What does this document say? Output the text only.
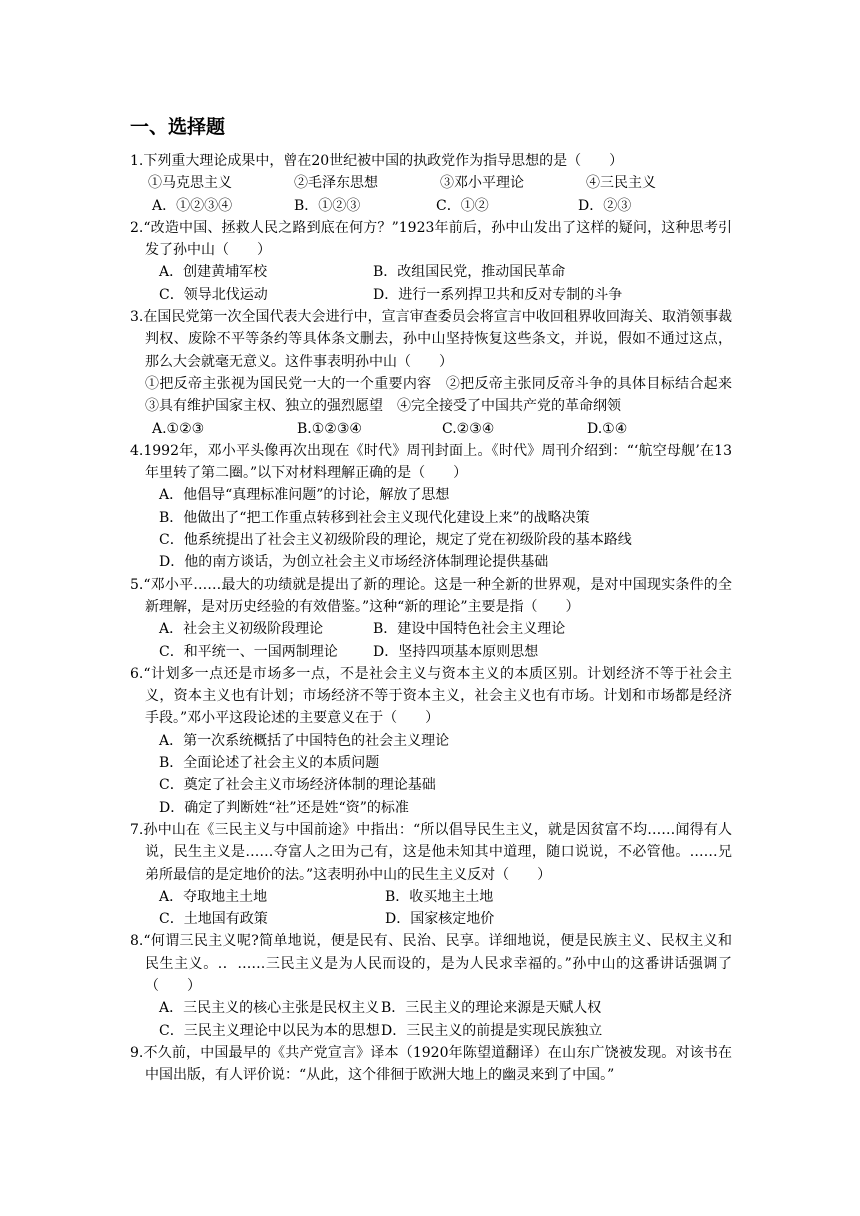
一、选择题
1.下列重大理论成果中，曾在20世纪被中国的执政党作为指导思想的是（　　）
①马克思主义	②毛泽东思想	③邓小平理论	④三民主义
A．①②③④	B．①②③	C．①②	D．②③
2.“改造中国、拯救人民之路到底在何方？”1923年前后，孙中山发出了这样的疑问，这种思考引发了孙中山（　　）
A．创建黄埔军校	B．改组国民党，推动国民革命
C．领导北伐运动	D．进行一系列捍卫共和反对专制的斗争
3.在国民党第一次全国代表大会进行中，宣言审查委员会将宣言中收回租界收回海关、取消领事裁判权、废除不平等条约等具体条文删去，孙中山坚持恢复这些条文，并说，假如不通过这点，那么大会就毫无意义。这件事表明孙中山（　　）
①把反帝主张视为国民党一大的一个重要内容　②把反帝主张同反帝斗争的具体目标结合起来　③具有维护国家主权、独立的强烈愿望　④完全接受了中国共产党的革命纲领
A.①②③	B.①②③④	C.②③④	D.①④
4.1992年，邓小平头像再次出现在《时代》周刊封面上。《时代》周刊介绍到：“‘航空母舰’在13年里转了第二圈。”以下对材料理解正确的是（　　）
A．他倡导“真理标准问题”的讨论，解放了思想
B．他做出了“把工作重点转移到社会主义现代化建设上来”的战略决策
C．他系统提出了社会主义初级阶段的理论，规定了党在初级阶段的基本路线
D．他的南方谈话，为创立社会主义市场经济体制理论提供基础
5.“邓小平……最大的功绩就是提出了新的理论。这是一种全新的世界观，是对中国现实条件的全新理解，是对历史经验的有效借鉴。”这种“新的理论”主要是指（　　）
A．社会主义初级阶段理论	B．建设中国特色社会主义理论
C．和平统一、一国两制理论	D．坚持四项基本原则思想
6.“计划多一点还是市场多一点，不是社会主义与资本主义的本质区别。计划经济不等于社会主义，资本主义也有计划；市场经济不等于资本主义，社会主义也有市场。计划和市场都是经济手段。”邓小平这段论述的主要意义在于（　　）
A．第一次系统概括了中国特色的社会主义理论
B．全面论述了社会主义的本质问题
C．奠定了社会主义市场经济体制的理论基础
D．确定了判断姓“社”还是姓“资”的标准
7.孙中山在《三民主义与中国前途》中指出：“所以倡导民生主义，就是因贫富不均……闻得有人说，民生主义是……夺富人之田为己有，这是他未知其中道理，随口说说，不必管他。……兄弟所最信的是定地价的法。”这表明孙中山的民生主义反对（　　）
A．夺取地主土地	B．收买地主土地
C．土地国有政策	D．国家核定地价
8.“何谓三民主义呢?简单地说，便是民有、民治、民享。详细地说，便是民族主义、民权主义和民生主义。.．……三民主义是为人民而设的，是为人民求幸福的。”孙中山的这番讲话强调了（　　）
A．三民主义的核心主张是民权主义 B．三民主义的理论来源是天赋人权
C．三民主义理论中以民为本的思想 D．三民主义的前提是实现民族独立
9.不久前，中国最早的《共产党宣言》译本（1920年陈望道翻译）在山东广饶被发现。对该书在中国出版，有人评价说：“从此，这个徘徊于欧洲大地上的幽灵来到了中国。”
